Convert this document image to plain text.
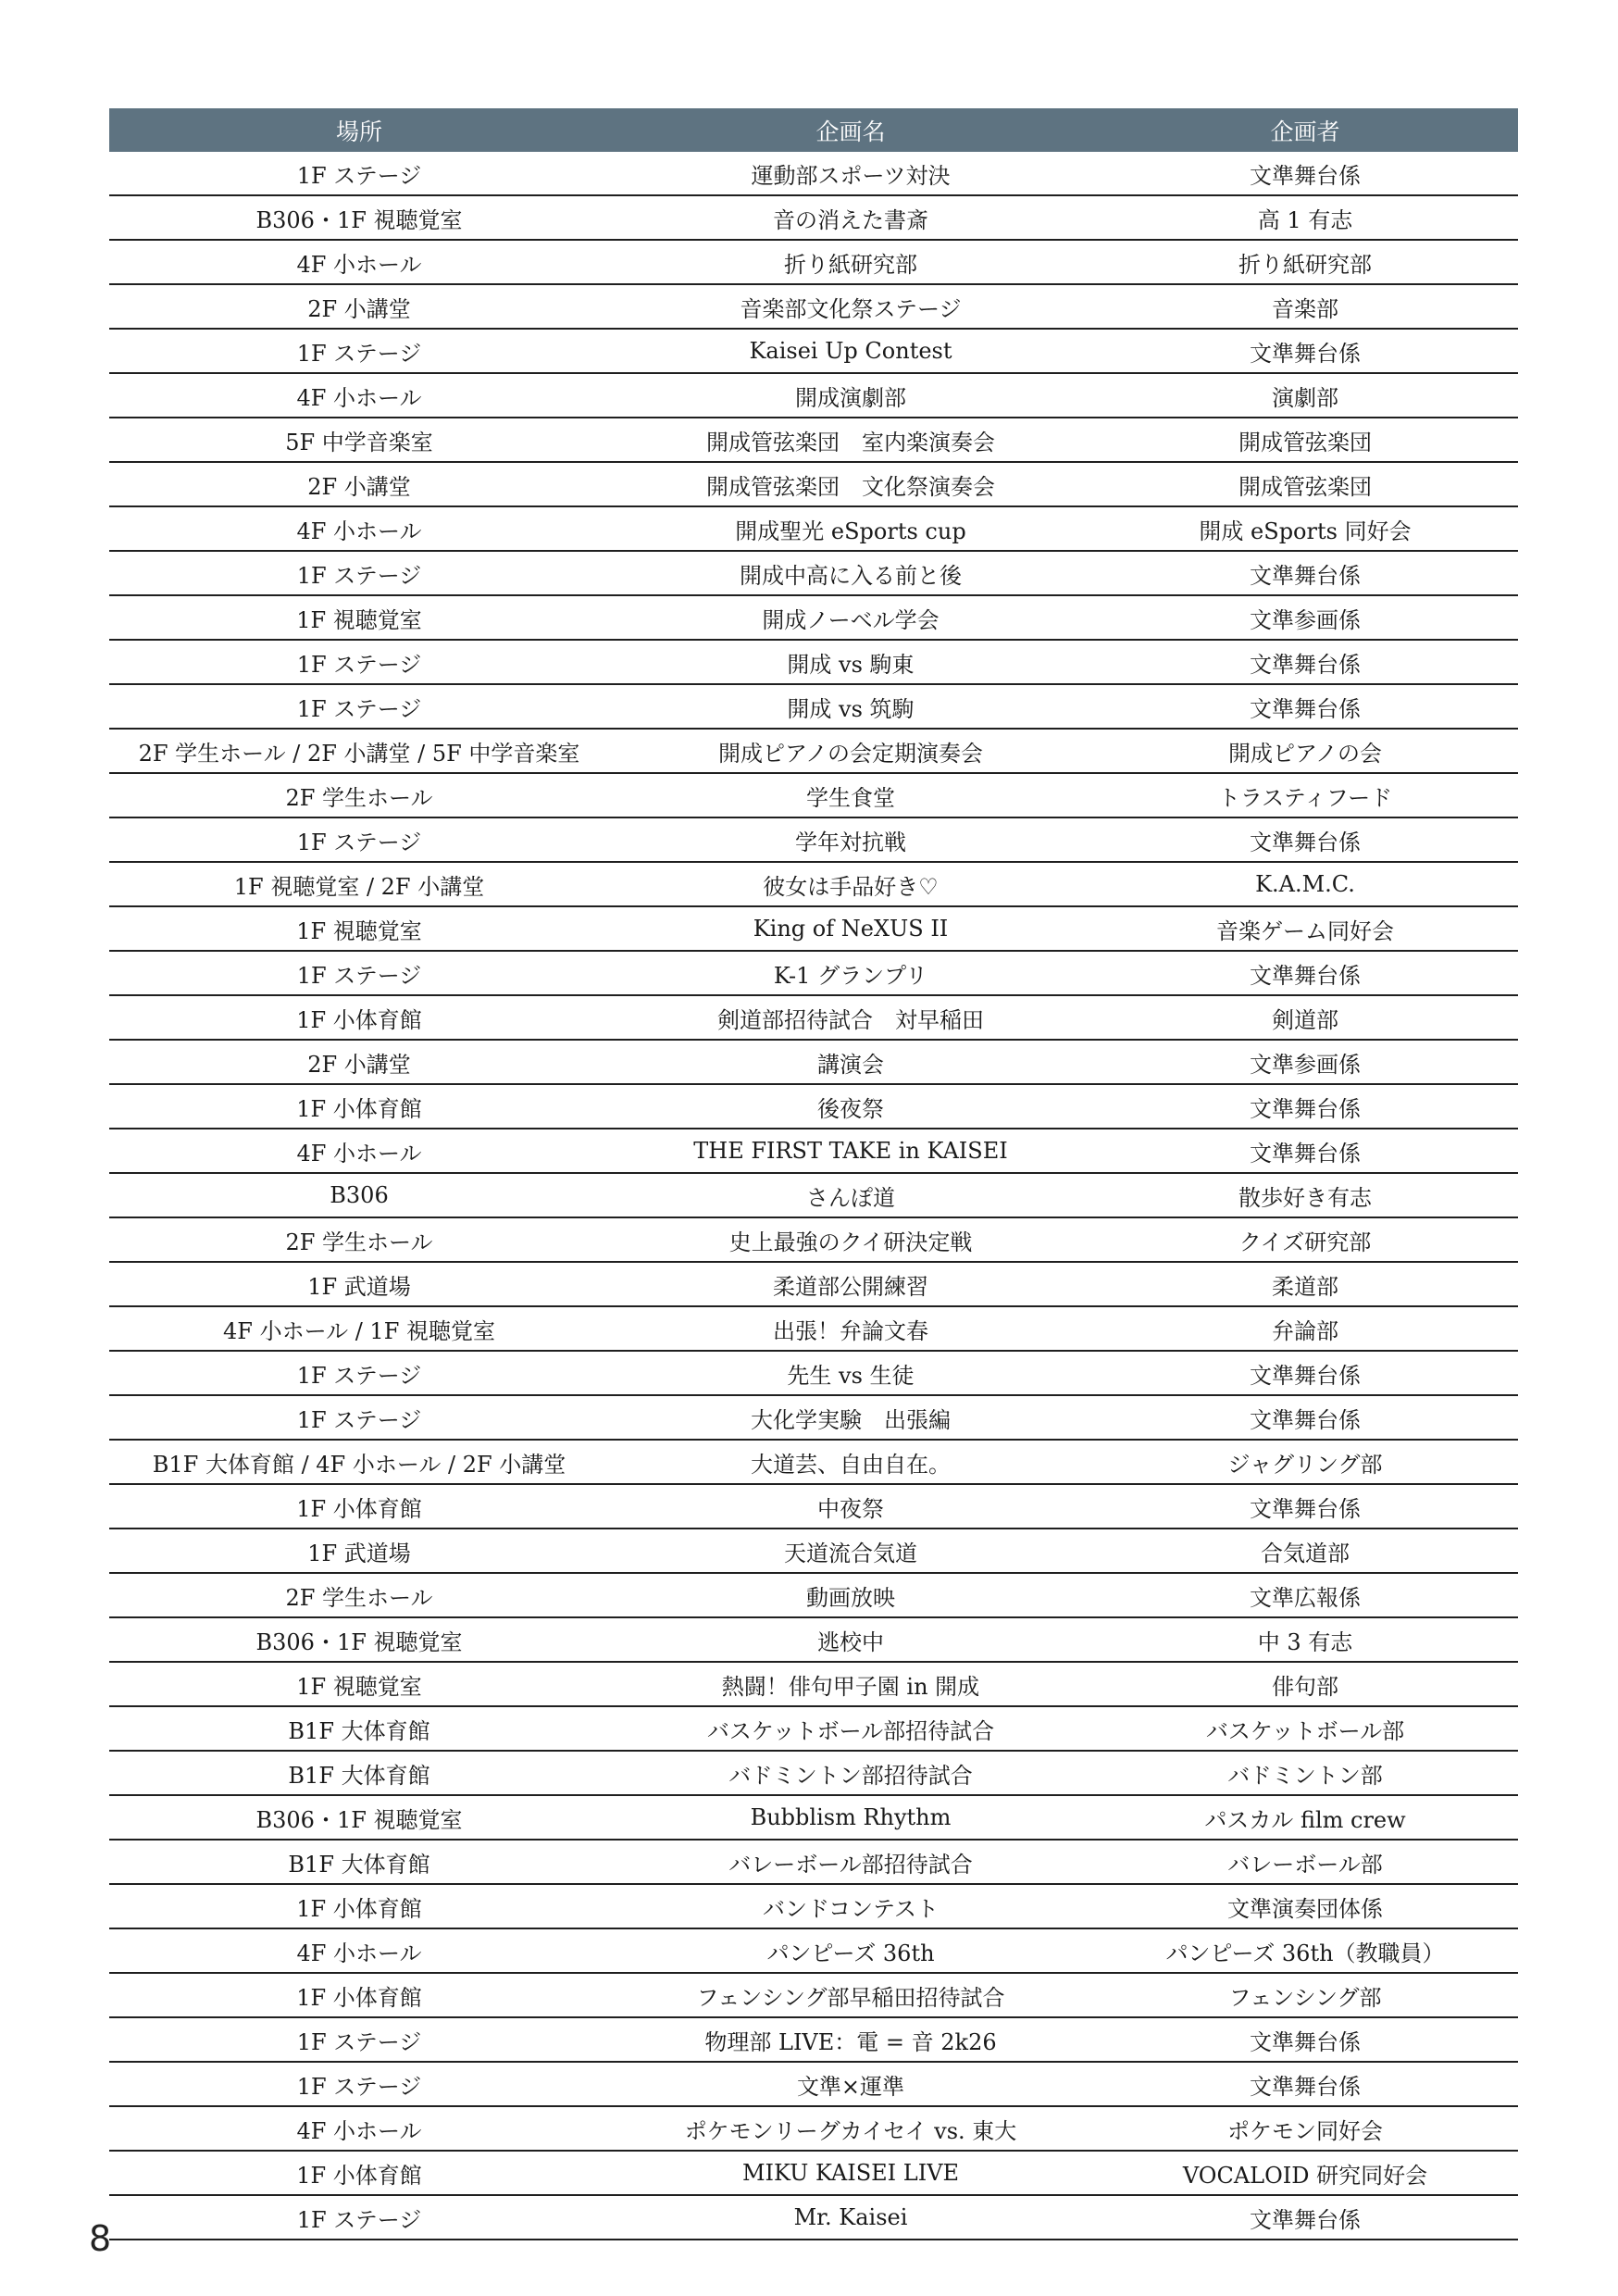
場所	企画名	企画者
1F ステージ	運動部スポーツ対決	文準舞台係
B306・1F 視聴覚室	音の消えた書斎	高 1 有志
4F 小ホール	折り紙研究部	折り紙研究部
2F 小講堂	音楽部文化祭ステージ	音楽部
1F ステージ	Kaisei Up Contest	文準舞台係
4F 小ホール	開成演劇部	演劇部
5F 中学音楽室	開成管弦楽団　室内楽演奏会	開成管弦楽団
2F 小講堂	開成管弦楽団　文化祭演奏会	開成管弦楽団
4F 小ホール	開成聖光 eSports cup	開成 eSports 同好会
1F ステージ	開成中高に入る前と後	文準舞台係
1F 視聴覚室	開成ノーベル学会	文準参画係
1F ステージ	開成 vs 駒東	文準舞台係
1F ステージ	開成 vs 筑駒	文準舞台係
2F 学生ホール / 2F 小講堂 / 5F 中学音楽室	開成ピアノの会定期演奏会	開成ピアノの会
2F 学生ホール	学生食堂	トラスティフード
1F ステージ	学年対抗戦	文準舞台係
1F 視聴覚室 / 2F 小講堂	彼女は手品好き♡	K.A.M.C.
1F 視聴覚室	King of NeXUS II	音楽ゲーム同好会
1F ステージ	K-1 グランプリ	文準舞台係
1F 小体育館	剣道部招待試合　対早稲田	剣道部
2F 小講堂	講演会	文準参画係
1F 小体育館	後夜祭	文準舞台係
4F 小ホール	THE FIRST TAKE in KAISEI	文準舞台係
B306	さんぽ道	散歩好き有志
2F 学生ホール	史上最強のクイ研決定戦	クイズ研究部
1F 武道場	柔道部公開練習	柔道部
4F 小ホール / 1F 視聴覚室	出張！弁論文春	弁論部
1F ステージ	先生 vs 生徒	文準舞台係
1F ステージ	大化学実験　出張編	文準舞台係
B1F 大体育館 / 4F 小ホール / 2F 小講堂	大道芸、自由自在。	ジャグリング部
1F 小体育館	中夜祭	文準舞台係
1F 武道場	天道流合気道	合気道部
2F 学生ホール	動画放映	文準広報係
B306・1F 視聴覚室	逃校中	中 3 有志
1F 視聴覚室	熱闘！俳句甲子園 in 開成	俳句部
B1F 大体育館	バスケットボール部招待試合	バスケットボール部
B1F 大体育館	バドミントン部招待試合	バドミントン部
B306・1F 視聴覚室	Bubblism Rhythm	パスカル film crew
B1F 大体育館	バレーボール部招待試合	バレーボール部
1F 小体育館	バンドコンテスト	文準演奏団体係
4F 小ホール	パンピーズ 36th	パンピーズ 36th（教職員）
1F 小体育館	フェンシング部早稲田招待試合	フェンシング部
1F ステージ	物理部 LIVE：電 = 音 2k26	文準舞台係
1F ステージ	文準×運準	文準舞台係
4F 小ホール	ポケモンリーグカイセイ vs. 東大	ポケモン同好会
1F 小体育館	MIKU KAISEI LIVE	VOCALOID 研究同好会
1F ステージ	Mr. Kaisei	文準舞台係
8
